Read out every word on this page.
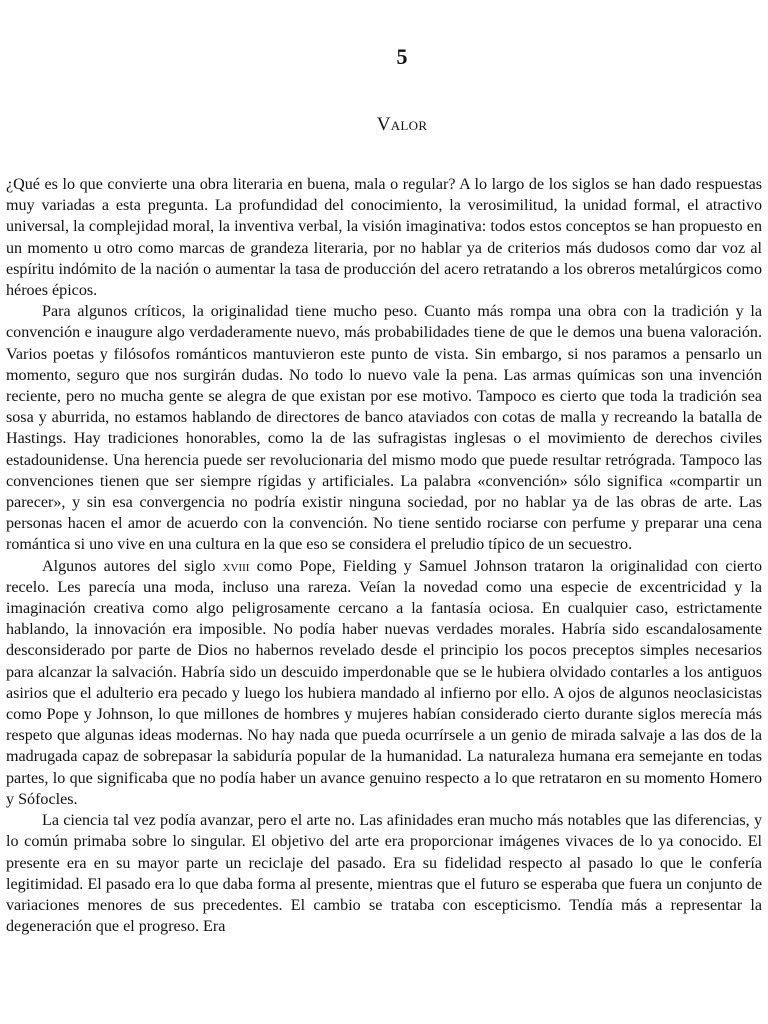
5
Valor

¿Qué es lo que convierte una obra literaria en buena, mala o regular? A lo largo de los siglos se han dado respuestas muy variadas a esta pregunta. La profundidad del conocimiento, la verosimilitud, la unidad formal, el atractivo universal, la complejidad moral, la inventiva verbal, la visión imaginativa: todos estos conceptos se han propuesto en un momento u otro como marcas de grandeza literaria, por no hablar ya de criterios más dudosos como dar voz al espíritu indómito de la nación o aumentar la tasa de producción del acero retratando a los obreros metalúrgicos como héroes épicos.

Para algunos críticos, la originalidad tiene mucho peso. Cuanto más rompa una obra con la tradición y la convención e inaugure algo verdaderamente nuevo, más probabilidades tiene de que le demos una buena valoración. Varios poetas y filósofos románticos mantuvieron este punto de vista. Sin embargo, si nos paramos a pensarlo un momento, seguro que nos surgirán dudas. No todo lo nuevo vale la pena. Las armas químicas son una invención reciente, pero no mucha gente se alegra de que existan por ese motivo. Tampoco es cierto que toda la tradición sea sosa y aburrida, no estamos hablando de directores de banco ataviados con cotas de malla y recreando la batalla de Hastings. Hay tradiciones honorables, como la de las sufragistas inglesas o el movimiento de derechos civiles estadounidense. Una herencia puede ser revolucionaria del mismo modo que puede resultar retrógrada. Tampoco las convenciones tienen que ser siempre rígidas y artificiales. La palabra «convención» sólo significa «compartir un parecer», y sin esa convergencia no podría existir ninguna sociedad, por no hablar ya de las obras de arte. Las personas hacen el amor de acuerdo con la convención. No tiene sentido rociarse con perfume y preparar una cena romántica si uno vive en una cultura en la que eso se considera el preludio típico de un secuestro.

Algunos autores del siglo xviii como Pope, Fielding y Samuel Johnson trataron la originalidad con cierto recelo. Les parecía una moda, incluso una rareza. Veían la novedad como una especie de excentricidad y la imaginación creativa como algo peligrosamente cercano a la fantasía ociosa. En cualquier caso, estrictamente hablando, la innovación era imposible. No podía haber nuevas verdades morales. Habría sido escandalosamente desconsiderado por parte de Dios no habernos revelado desde el principio los pocos preceptos simples necesarios para alcanzar la salvación. Habría sido un descuido imperdonable que se le hubiera olvidado contarles a los antiguos asirios que el adulterio era pecado y luego los hubiera mandado al infierno por ello. A ojos de algunos neoclasicistas como Pope y Johnson, lo que millones de hombres y mujeres habían considerado cierto durante siglos merecía más respeto que algunas ideas modernas. No hay nada que pueda ocurrírsele a un genio de mirada salvaje a las dos de la madrugada capaz de sobrepasar la sabiduría popular de la humanidad. La naturaleza humana era semejante en todas partes, lo que significaba que no podía haber un avance genuino respecto a lo que retrataron en su momento Homero y Sófocles.

La ciencia tal vez podía avanzar, pero el arte no. Las afinidades eran mucho más notables que las diferencias, y lo común primaba sobre lo singular. El objetivo del arte era proporcionar imágenes vivaces de lo ya conocido. El presente era en su mayor parte un reciclaje del pasado. Era su fidelidad respecto al pasado lo que le confería legitimidad. El pasado era lo que daba forma al presente, mientras que el futuro se esperaba que fuera un conjunto de variaciones menores de sus precedentes. El cambio se trataba con escepticismo. Tendía más a representar la degeneración que el progreso. Era
